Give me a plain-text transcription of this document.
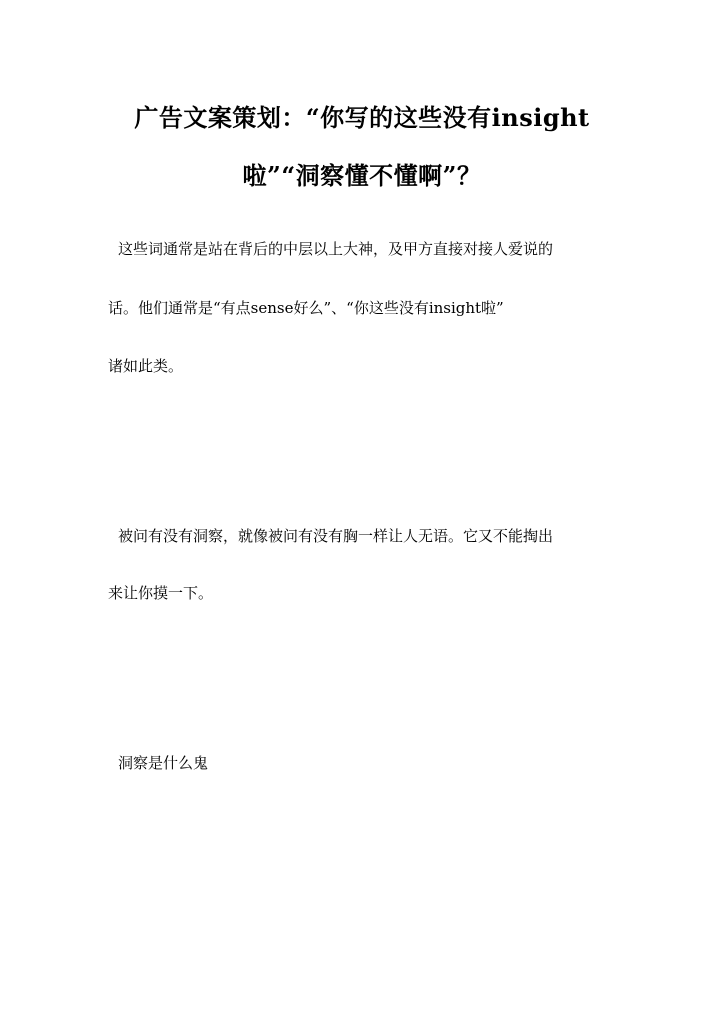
广告文案策划：“你写的这些没有insight
啦”“洞察懂不懂啊”？
这些词通常是站在背后的中层以上大神，及甲方直接对接人爱说的
话。他们通常是“有点sense好么”、“你这些没有insight啦”
诸如此类。
被问有没有洞察，就像被问有没有胸一样让人无语。它又不能掏出
来让你摸一下。
洞察是什么鬼
